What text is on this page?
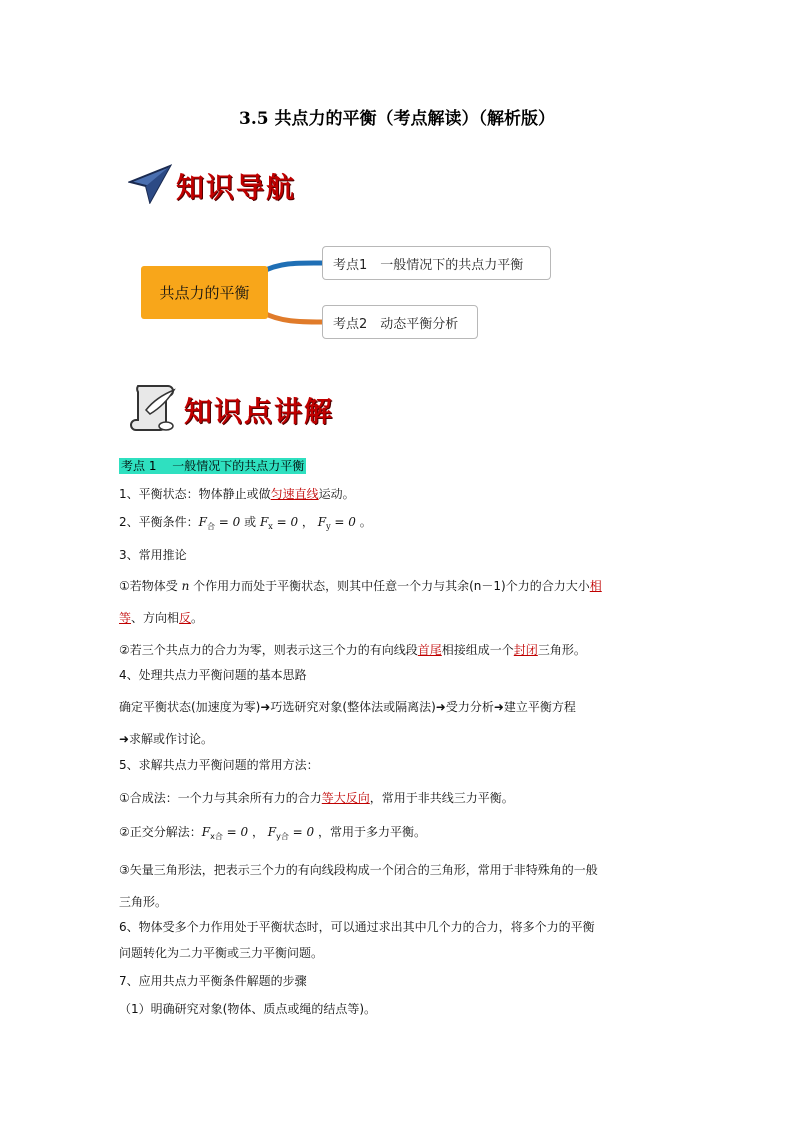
3.5 共点力的平衡（考点解读）（解析版）
知识导航
共点力的平衡
考点1　一般情况下的共点力平衡
考点2　动态平衡分析
知识点讲解
考点 1　 一般情况下的共点力平衡
1、平衡状态：物体静止或做匀速直线运动。
2、平衡条件：$F_合 = 0$ 或 $F_x = 0$ ， $F_y = 0$ 。
3、常用推论
①若物体受 n 个作用力而处于平衡状态，则其中任意一个力与其余(n－1)个力的合力大小相
等、方向相反。
②若三个共点力的合力为零，则表示这三个力的有向线段首尾相接组成一个封闭三角形。
4、处理共点力平衡问题的基本思路
确定平衡状态(加速度为零)➜巧选研究对象(整体法或隔离法)➜受力分析➜建立平衡方程
➜求解或作讨论。
5、求解共点力平衡问题的常用方法：
①合成法：一个力与其余所有力的合力等大反向，常用于非共线三力平衡。
②正交分解法：$F_{x合} = 0$ ， $F_{y合} = 0$ ，常用于多力平衡。
③矢量三角形法，把表示三个力的有向线段构成一个闭合的三角形，常用于非特殊角的一般
三角形。
6、物体受多个力作用处于平衡状态时，可以通过求出其中几个力的合力，将多个力的平衡
问题转化为二力平衡或三力平衡问题。
7、应用共点力平衡条件解题的步骤
（1）明确研究对象(物体、质点或绳的结点等)。
